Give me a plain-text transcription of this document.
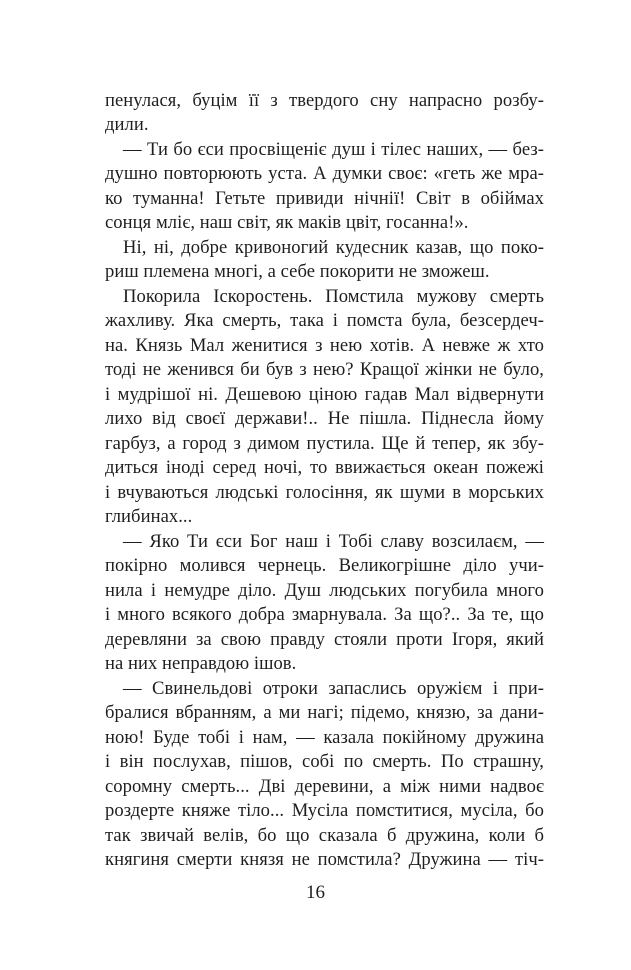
пенулася, буцім її з твердого сну напрасно розбу-
дили.
— Ти бо єси просвіщеніє душ і тілес наших, — без-
душно повторюють уста. А думки своє: «геть же мра-
ко туманна! Гетьте привиди нічнії! Світ в обіймах
сонця мліє, наш світ, як маків цвіт, госанна!».
Ні, ні, добре кривоногий кудесник казав, що поко-
риш племена многі, а себе покорити не зможеш.
Покорила Іскоростень. Помстила мужову смерть
жахливу. Яка смерть, така і помста була, безсердеч-
на. Князь Мал женитися з нею хотів. А невже ж хто
тоді не женився би був з нею? Кращої жінки не було,
і мудрішої ні. Дешевою ціною гадав Мал відвернути
лихо від своєї держави!.. Не пішла. Піднесла йому
гарбуз, а город з димом пустила. Ще й тепер, як збу-
диться іноді серед ночі, то ввижається океан пожежі
і вчуваються людські голосіння, як шуми в морських
глибинах...
— Яко Ти єси Бог наш і Тобі славу возсилаєм, —
покірно молився чернець. Великогрішне діло учи-
нила і немудре діло. Душ людських погубила много
і много всякого добра змарнувала. За що?.. За те, що
деревляни за свою правду стояли проти Ігоря, який
на них неправдою ішов.
— Свинельдові отроки запаслись оружієм і при-
бралися вбранням, а ми нагі; підемо, князю, за дани-
ною! Буде тобі і нам, — казала покійному дружина
і він послухав, пішов, собі по смерть. По страшну,
соромну смерть... Дві деревини, а між ними надвоє
роздерте княже тіло... Мусіла помститися, мусіла, бо
так звичай велів, бо що сказала б дружина, коли б
княгиня смерти князя не помстила? Дружина — тіч-
16
